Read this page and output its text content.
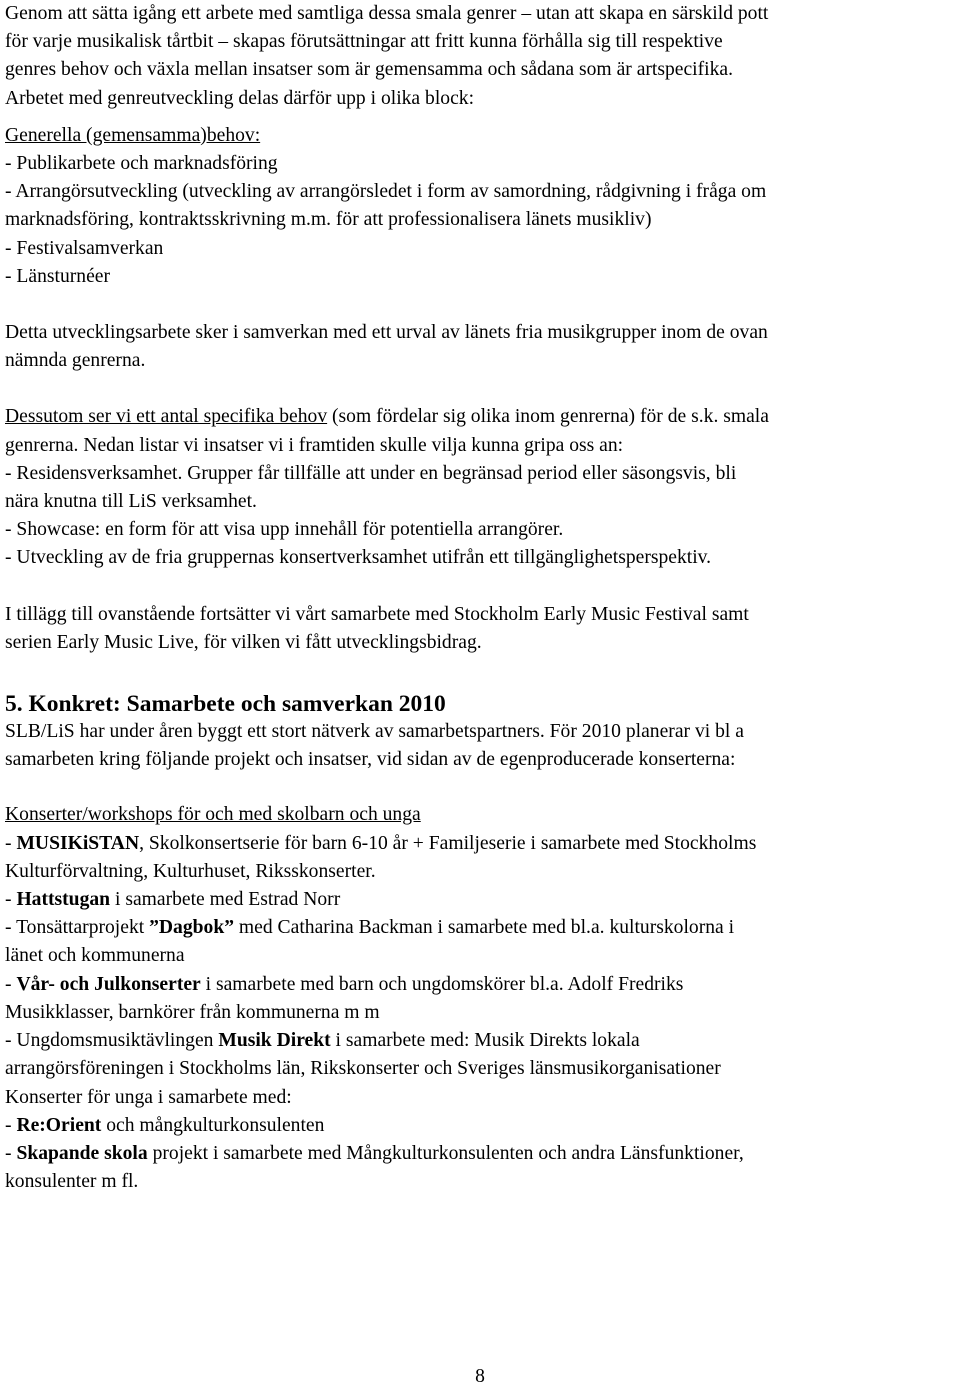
Genom att sätta igång ett arbete med samtliga dessa smala genrer – utan att skapa en särskild pott
för varje musikalisk tårtbit – skapas förutsättningar att fritt kunna förhålla sig till respektive
genres behov och växla mellan insatser som är gemensamma och sådana som är artspecifika.
Arbetet med genreutveckling delas därför upp i olika block:

Generella (gemensamma)behov:
- Publikarbete och marknadsföring
- Arrangörsutveckling (utveckling av arrangörsledet i form av samordning, rådgivning i fråga om
marknadsföring, kontraktsskrivning m.m. för att professionalisera länets musikliv)
- Festivalsamverkan
- Länsturnéer

Detta utvecklingsarbete sker i samverkan med ett urval av länets fria musikgrupper inom de ovan
nämnda genrerna.

Dessutom ser vi ett antal specifika behov (som fördelar sig olika inom genrerna) för de s.k. smala
genrerna. Nedan listar vi insatser vi i framtiden skulle vilja kunna gripa oss an:
- Residensverksamhet. Grupper får tillfälle att under en begränsad period eller säsongsvis, bli
nära knutna till LiS verksamhet.
- Showcase: en form för att visa upp innehåll för potentiella arrangörer.
- Utveckling av de fria gruppernas konsertverksamhet utifrån ett tillgänglighetsperspektiv.

I tillägg till ovanstående fortsätter vi vårt samarbete med Stockholm Early Music Festival samt
serien Early Music Live, för vilken vi fått utvecklingsbidrag.

5. Konkret: Samarbete och samverkan 2010

SLB/LiS har under åren byggt ett stort nätverk av samarbetspartners. För 2010 planerar vi bl a
samarbeten kring följande projekt och insatser, vid sidan av de egenproducerade konserterna:

Konserter/workshops för och med skolbarn och unga
- MUSIKiSTAN, Skolkonsertserie för barn 6-10 år + Familjeserie i samarbete med Stockholms
Kulturförvaltning, Kulturhuset, Riksskonserter.
- Hattstugan i samarbete med Estrad Norr
- Tonsättarprojekt ”Dagbok” med Catharina Backman i samarbete med bl.a. kulturskolorna i
länet och kommunerna
- Vår- och Julkonserter i samarbete med barn och ungdomskörer bl.a. Adolf Fredriks
Musikklasser, barnkörer från kommunerna m m
- Ungdomsmusiktävlingen Musik Direkt i samarbete med: Musik Direkts lokala
arrangörsföreningen i Stockholms län, Rikskonserter och Sveriges länsmusikorganisationer
Konserter för unga i samarbete med:
- Re:Orient och mångkulturkonsulenten
- Skapande skola projekt i samarbete med Mångkulturkonsulenten och andra Länsfunktioner,
konsulenter m fl.

8
